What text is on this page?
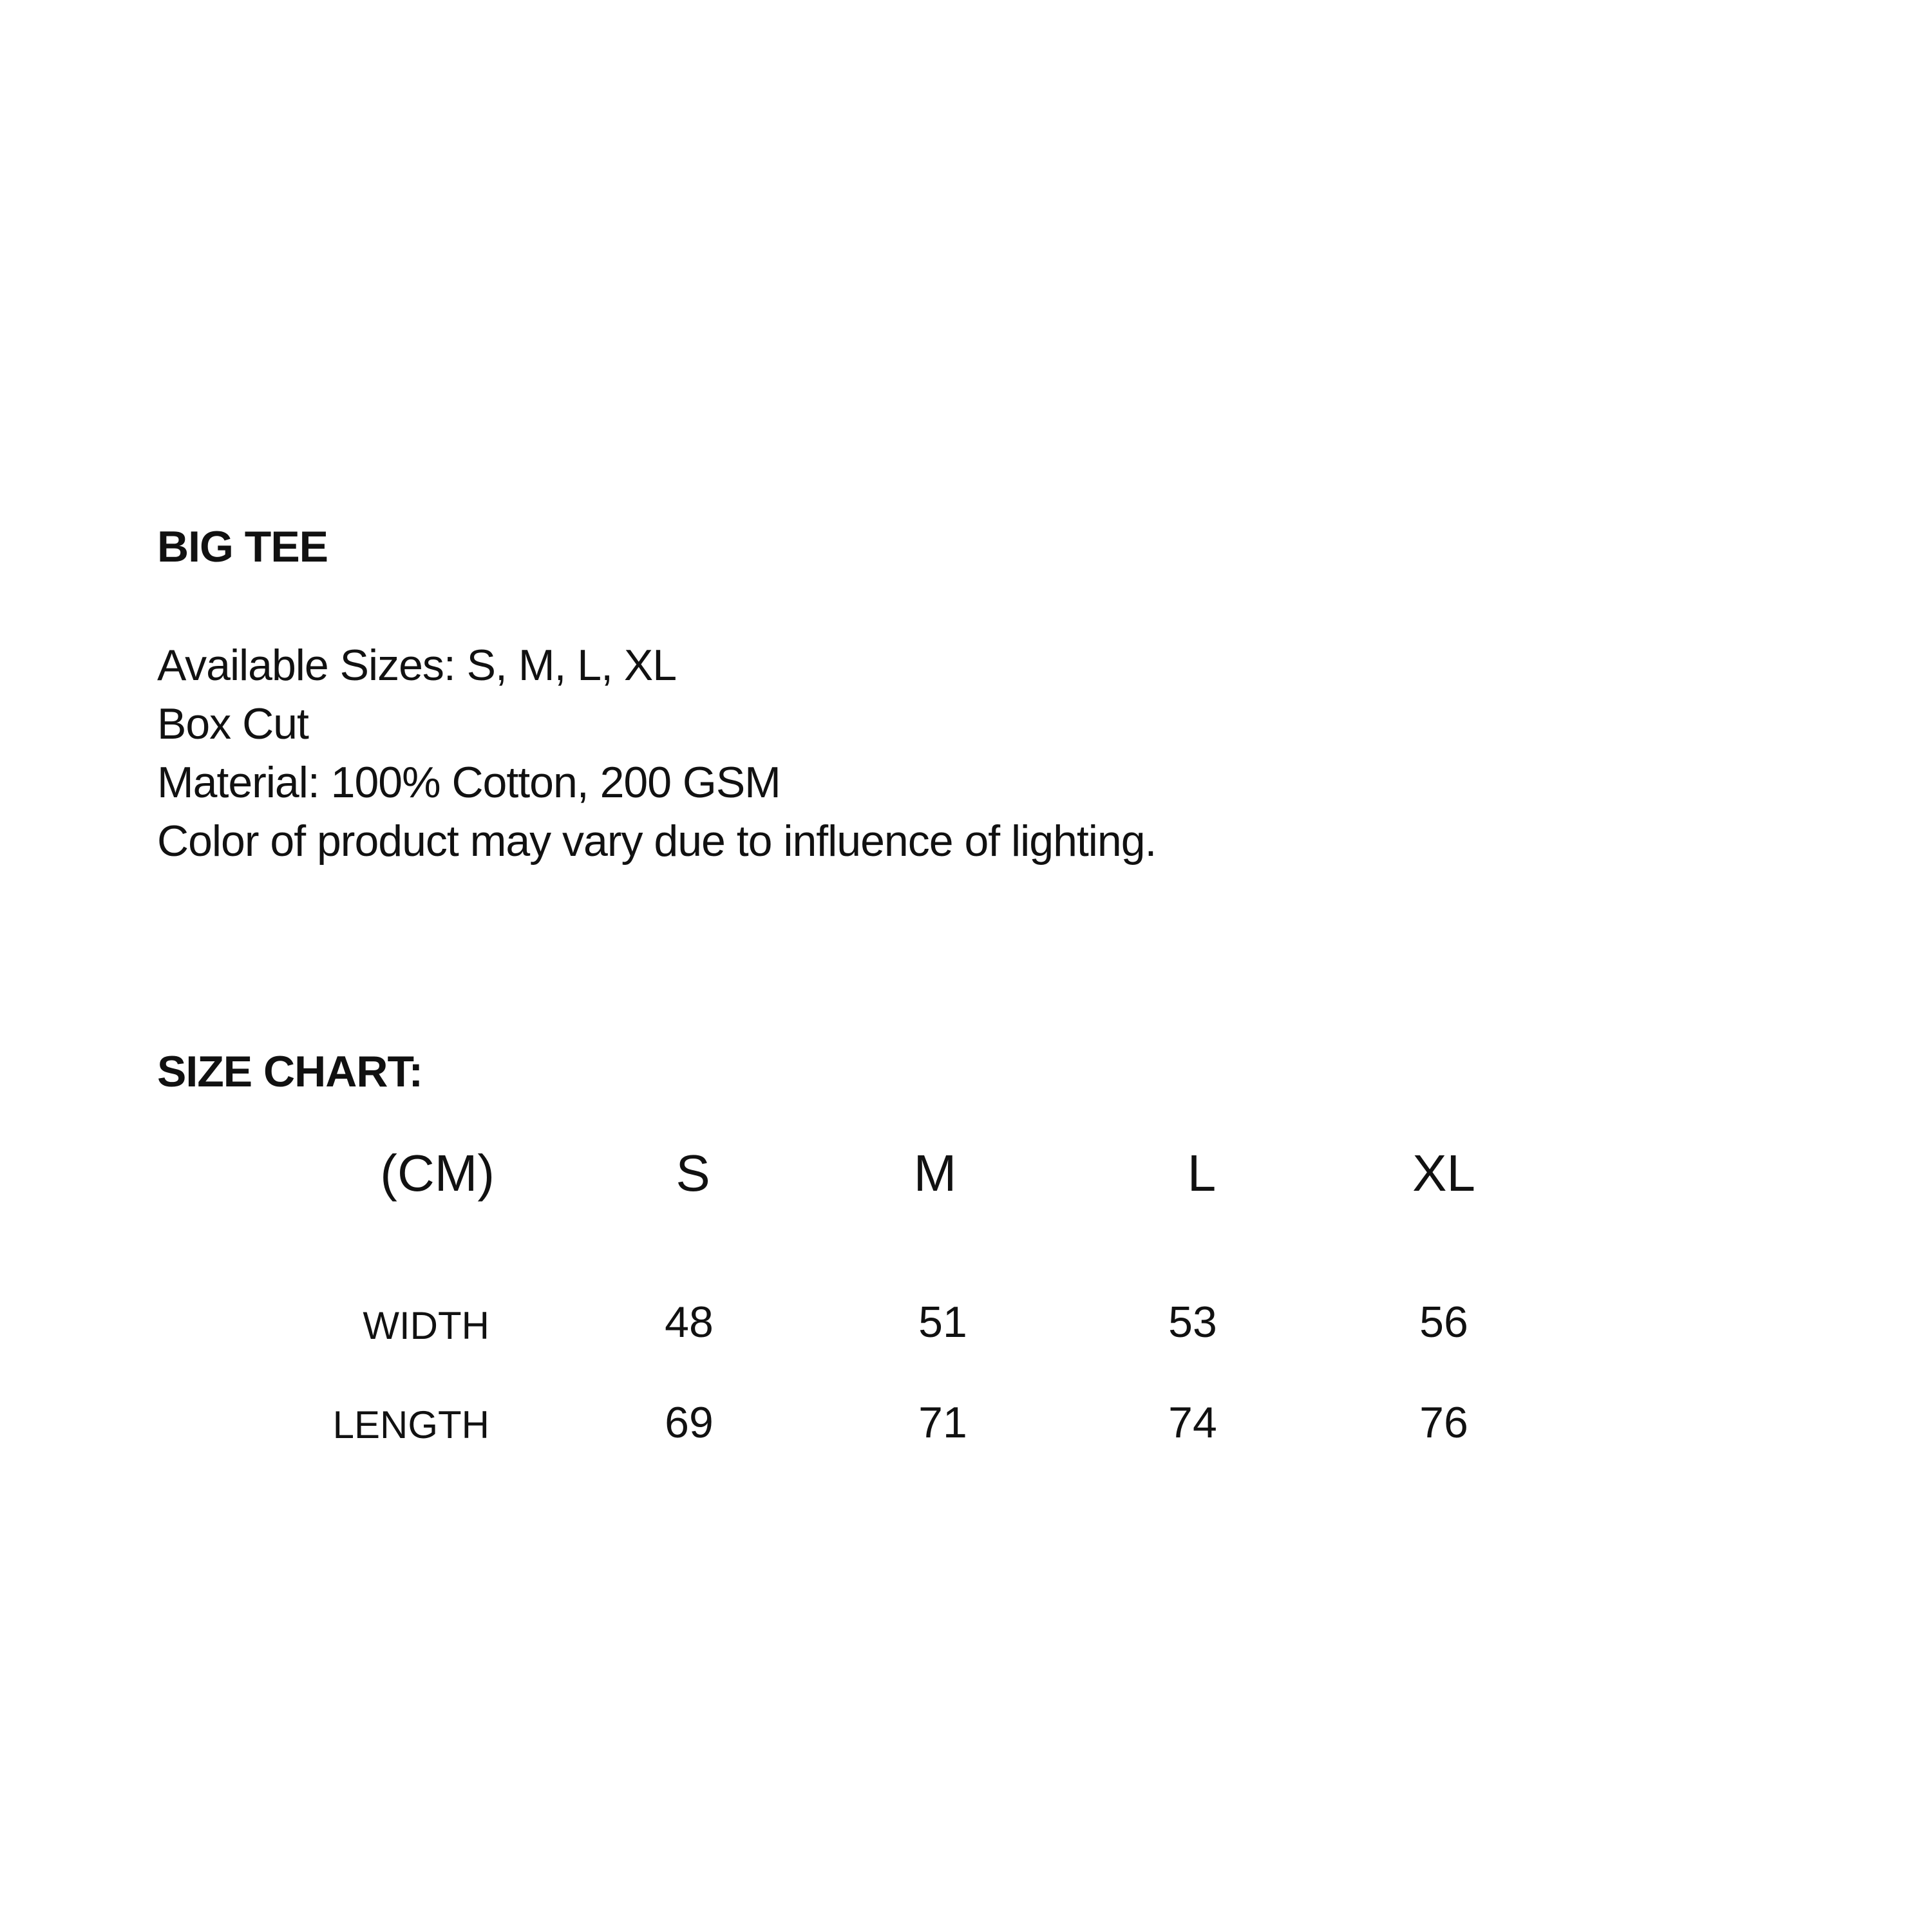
BIG TEE
Available Sizes: S, M, L, XL
Box Cut
Material: 100% Cotton, 200 GSM
Color of product may vary due to influence of lighting.
SIZE CHART:
(CM)	S	M	L	XL
WIDTH	48	51	53	56
LENGTH	69	71	74	76
